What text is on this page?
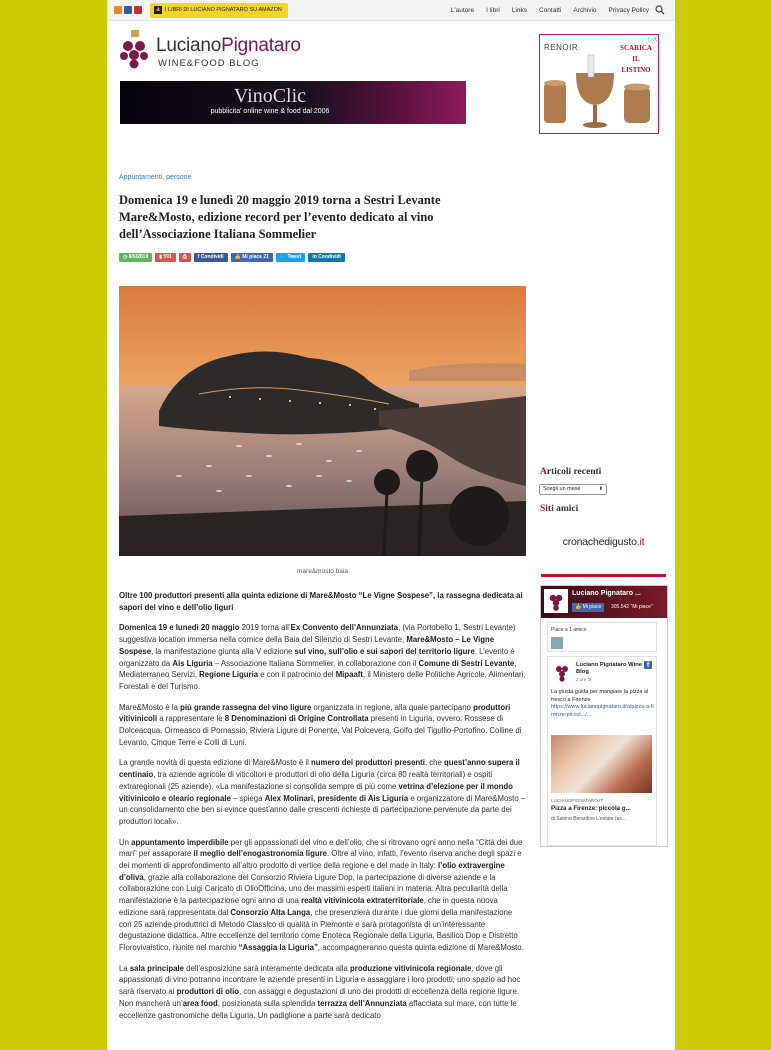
a I LIBRI DI LUCIANO PIGNATARO SU AMAZON	L'autore I libri Links Contatti Archivio Privacy Policy
LucianoPignataro
WINE&FOOD BLOG
VinoClic
pubblicita' online wine & food dal 2006
▷X
RENOIR	SCARICA
IL
LISTINO
Appuntamenti, persone
Domenica 19 e lunedì 20 maggio 2019 torna a Sestri Levante Mare&Mosto, edizione record per l’evento dedicato al vino dell’Associazione Italiana Sommelier
◷ 8/5/2019	▮ 591	⎙	f Condividi	👍 Mi piace 21	🐦 Tweet	in Condividi
mare&mosto baia

Oltre 100 produttori presenti alla quinta edizione di Mare&Mosto “Le Vigne Sospese”, la rassegna dedicata ai sapori del vino e dell’olio liguri

Domenica 19 e lunedì 20 maggio 2019 torna all’Ex Convento dell’Annunziata, (via Portobello 1, Sestri Levante) suggestiva location immersa nella cornice della Baia del Silenzio di Sestri Levante, Mare&Mosto – Le Vigne Sospese, la manifestazione giunta alla V edizione sul vino, sull’olio e sui sapori del territorio ligure. L’evento è organizzato da Ais Liguria – Associazione Italiana Sommelier, in collaborazione con il Comune di Sestri Levante, Mediaterraneo Servizi, Regione Liguria e con il patrocinio del Mipaaft, il Ministero delle Politiche Agricole, Alimentari, Forestali e del Turismo.

Mare&Mosto è la più grande rassegna del vino ligure organizzata in regione, alla quale partecipano produttori vitivinicoli a rappresentare le 8 Denominazioni di Origine Controllata presenti in Liguria, ovvero: Rossese di Dolceacqua, Ormeasco di Pornassio, Riviera Ligure di Ponente, Val Polcevera, Golfo del Tigullio-Portofino, Colline di Levanto, Cinque Terre e Colli di Luni.

La grande novità di questa edizione di Mare&Mosto è il numero dei produttori presenti, che quest’anno supera il centinaio, tra aziende agricole di viticoltori e produttori di olio della Liguria (circa 80 realtà territoriali) e ospiti extraregionali (25 aziende). «La manifestazione si consolida sempre di più come vetrina d’elezione per il mondo vitivinicolo e oleario regionale – spiega Alex Molinari, presidente di Ais Liguria e organizzatore di Mare&Mosto – un consolidamento che ben si evince quest’anno dalle crescenti richieste di partecipazione pervenute da parte dei produttori locali».

Un appuntamento imperdibile per gli appassionati del vino e dell’olio, che si ritrovano ogni anno nella “Città dei due mari” per assaporare il meglio dell’enogastronomia ligure. Oltre al vino, infatti, l’evento riserva anche degli spazi e dei momenti di approfondimento all’altro prodotto di vertice della regione e del made in Italy: l’olio extravergine d’oliva, grazie alla collaborazione del Consorzio Riviera Ligure Dop, la partecipazione di diverse aziende e la collaborazione con Luigi Caricato di OlioOfficina, uno dei massimi esperti italiani in materia. Altra peculiarità della manifestazione è la partecipazione ogni anno di una realtà vitivinicola extraterritoriale, che in questa nuova edizione sarà rappresentata dal Consorzio Alta Langa, che presenzierà durante i due giorni della manifestazione con 25 aziende produttrici di Metodo Classico di qualità in Piemonte e sarà protagonista di un’interessante degustazione didattica. Altre eccellenze del territorio come Enoteca Regionale della Liguria, Basilico Dop e Distretto Florovivaistico, riunite nel marchio “Assaggia la Liguria”, accompagneranno questa quinta edizione di Mare&Mosto.

La sala principale dell’esposizione sarà interamente dedicata alla produzione vitivinicola regionale, dove gli appassionati di vino potranno incontrare le aziende presenti in Liguria e assaggiare i loro prodotti; uno spazio ad hoc sarà riservato ai produttori di olio, con assaggi e degustazioni di uno dei prodotti di eccellenza della regione ligure. Non mancherà un’area food, posizionata sulla splendida terrazza dell’Annunziata affacciata sul mare, con tutte le eccellenze gastronomiche della Liguria. Un padiglione a parte sarà dedicato

Articoli recenti
Scegli un mese	⬍
Siti amici
cronachedigusto.it
Luciano Pignataro ...
👍 Mi piace	305.542 "Mi piace"
Piace a 1 amico
Luciano Pignataro Wine Blog
2 ore fa
f
La giusta guida per mangiare la pizza al fresco a Firenze
https://www.lucianopignataro.it/a/pizza-a-firenze-piccol.../...
LUCIANOPIGNATARO.IT
Pizza a Firenze: piccola g...
di Sabino Berardino L’estate (as...
